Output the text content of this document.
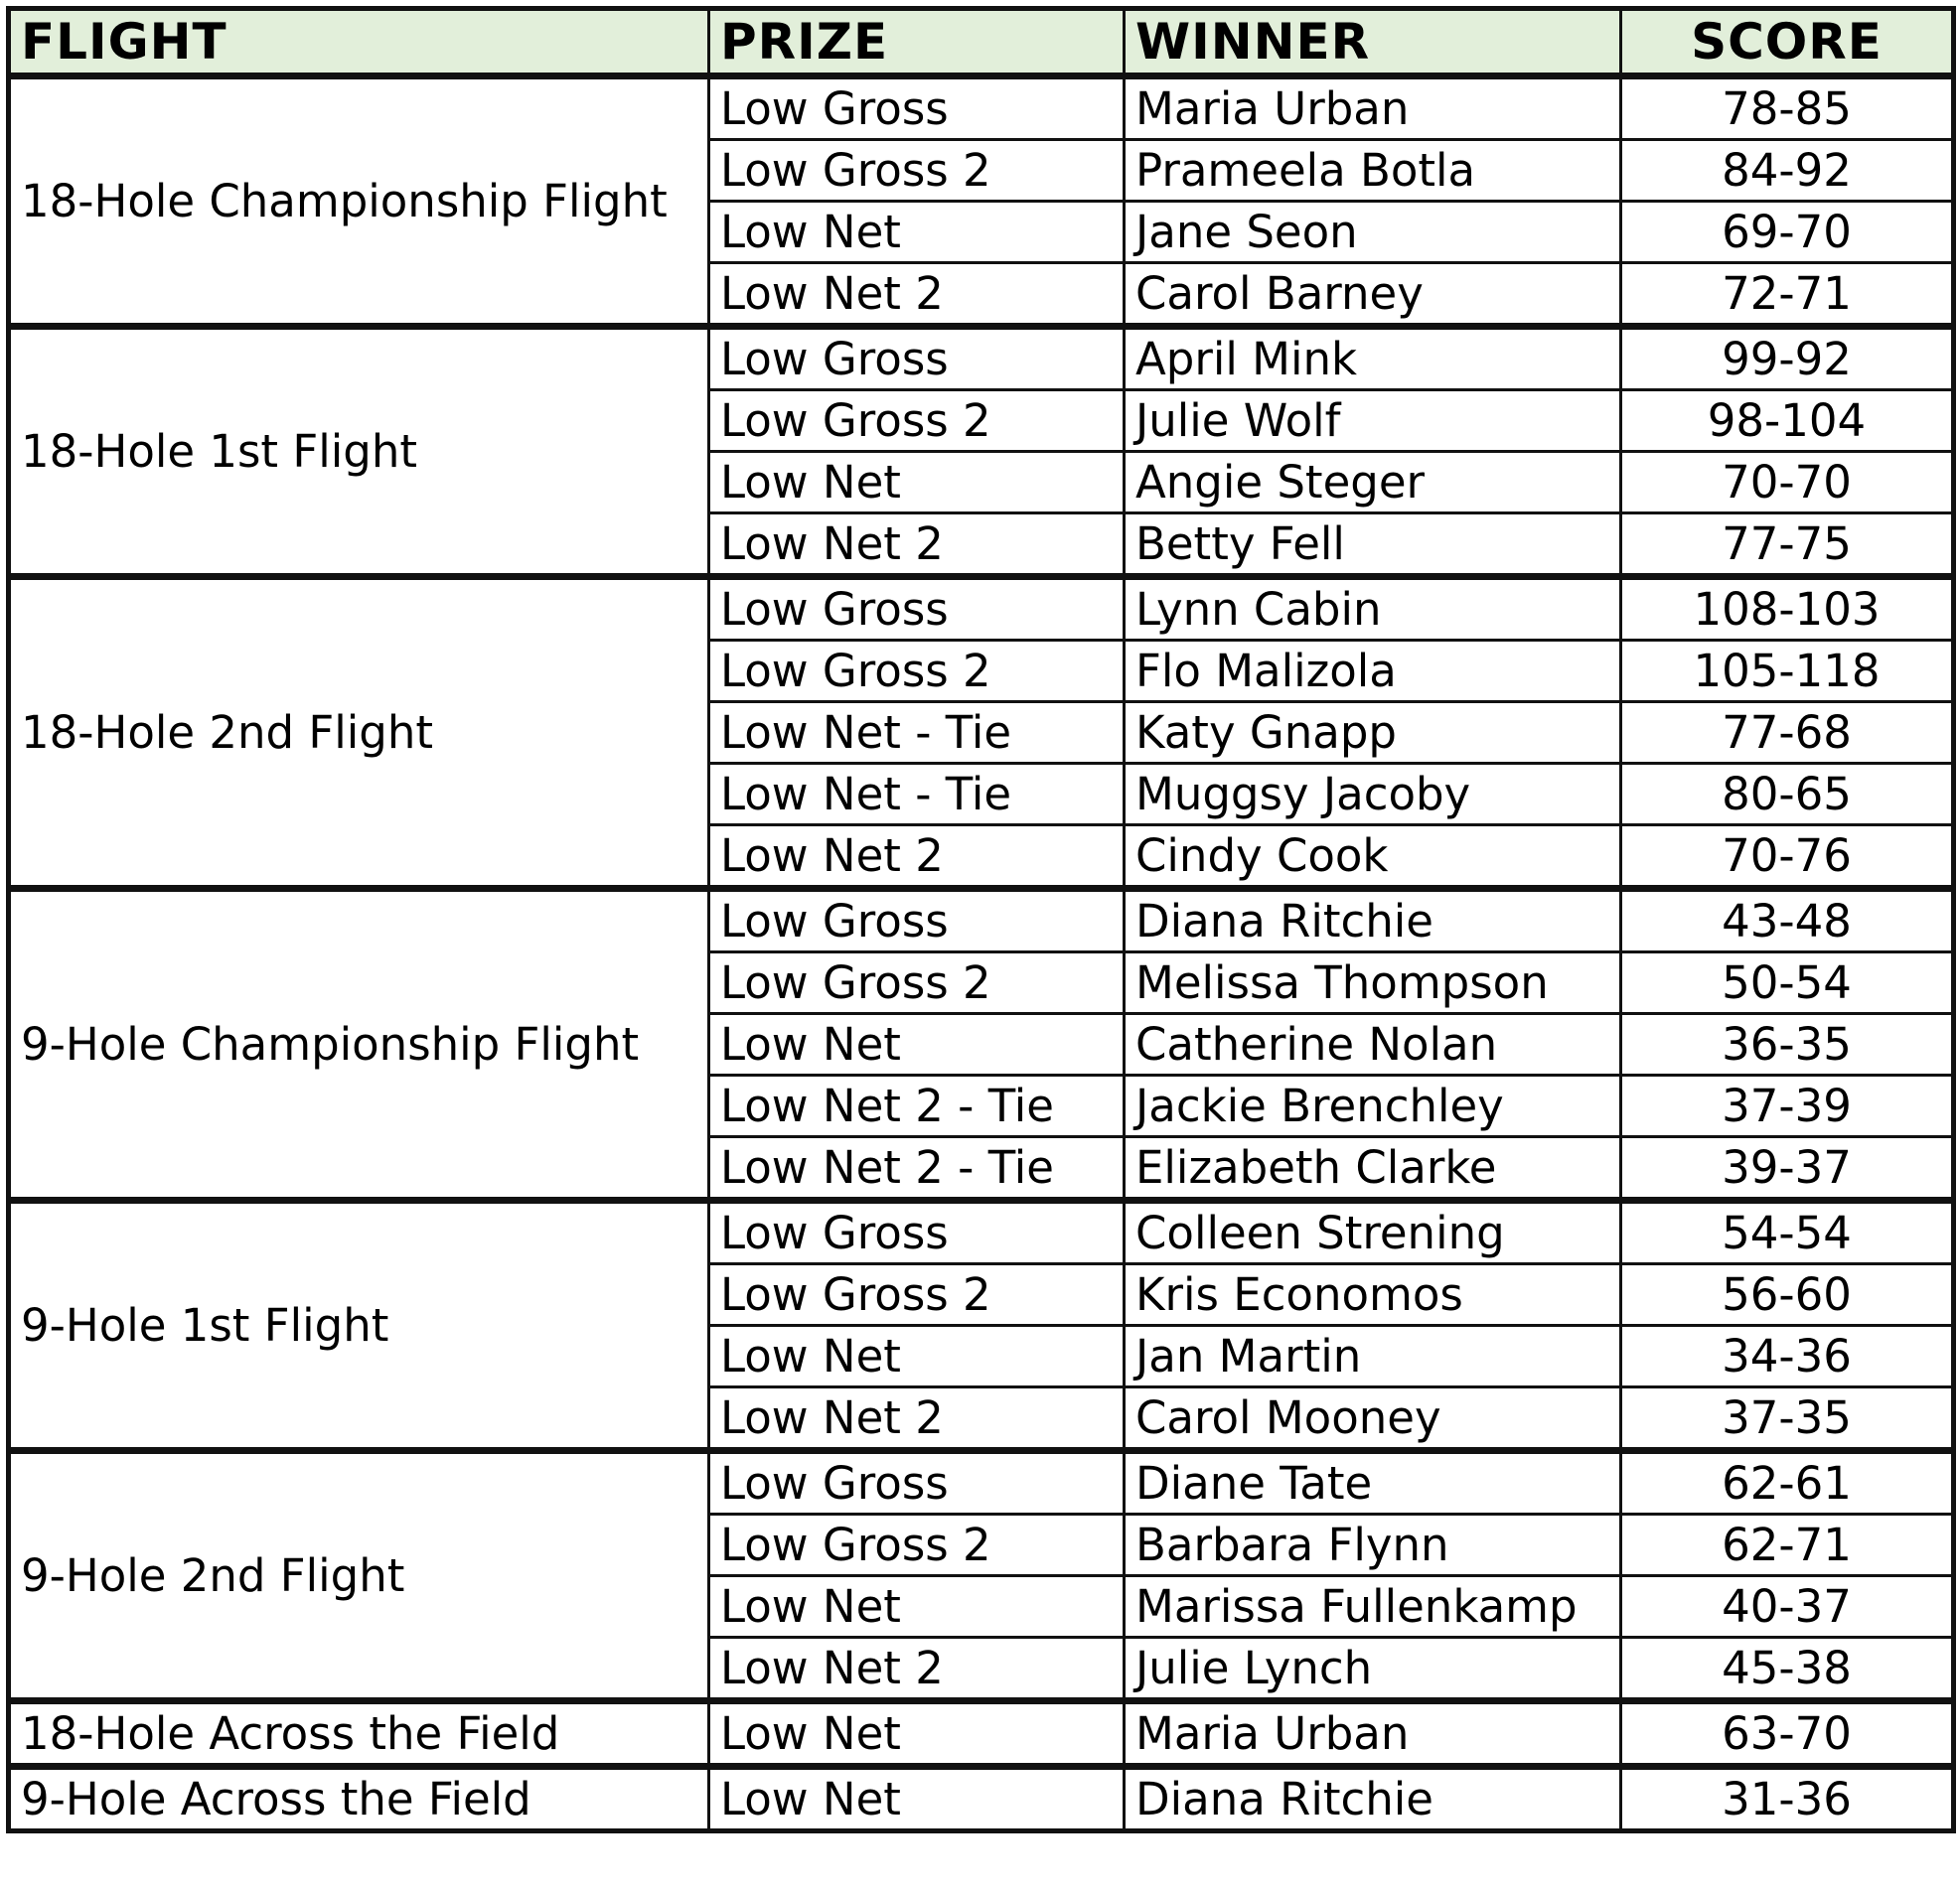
FLIGHT	PRIZE	WINNER	SCORE
18-Hole Championship Flight	Low Gross	Maria Urban	78-85
	Low Gross 2	Prameela Botla	84-92
	Low Net	Jane Seon	69-70
	Low Net 2	Carol Barney	72-71
18-Hole 1st Flight	Low Gross	April Mink	99-92
	Low Gross 2	Julie Wolf	98-104
	Low Net	Angie Steger	70-70
	Low Net 2	Betty Fell	77-75
18-Hole 2nd Flight	Low Gross	Lynn Cabin	108-103
	Low Gross 2	Flo Malizola	105-118
	Low Net - Tie	Katy Gnapp	77-68
	Low Net - Tie	Muggsy Jacoby	80-65
	Low Net 2	Cindy Cook	70-76
9-Hole Championship Flight	Low Gross	Diana Ritchie	43-48
	Low Gross 2	Melissa Thompson	50-54
	Low Net	Catherine Nolan	36-35
	Low Net 2 - Tie	Jackie Brenchley	37-39
	Low Net 2 - Tie	Elizabeth Clarke	39-37
9-Hole 1st Flight	Low Gross	Colleen Strening	54-54
	Low Gross 2	Kris Economos	56-60
	Low Net	Jan Martin	34-36
	Low Net 2	Carol Mooney	37-35
9-Hole 2nd Flight	Low Gross	Diane Tate	62-61
	Low Gross 2	Barbara Flynn	62-71
	Low Net	Marissa Fullenkamp	40-37
	Low Net 2	Julie Lynch	45-38
18-Hole Across the Field	Low Net	Maria Urban	63-70
9-Hole Across the Field	Low Net	Diana Ritchie	31-36
